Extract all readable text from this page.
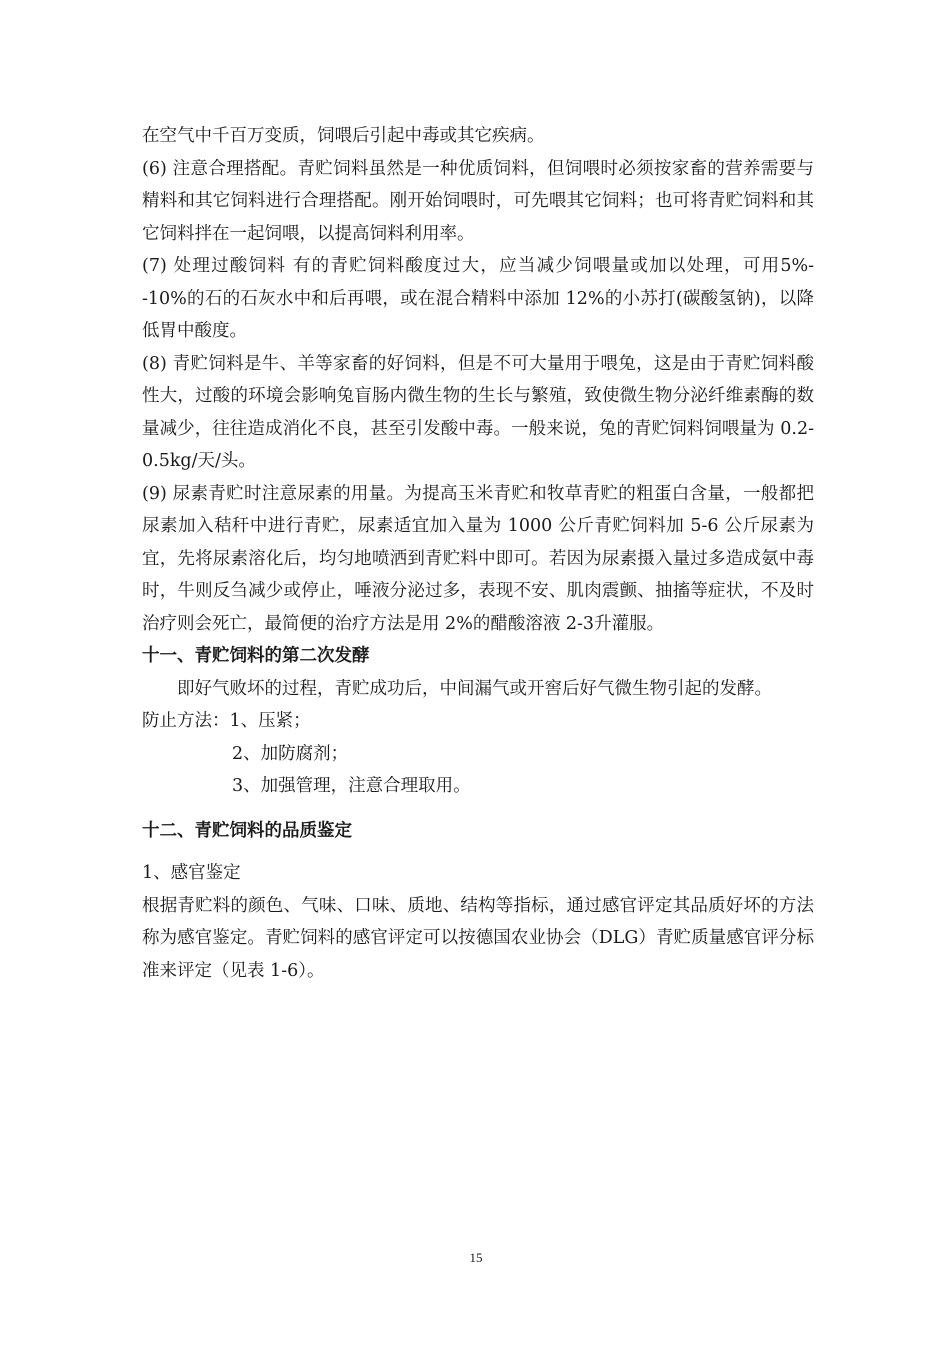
在空气中千百万变质，饲喂后引起中毒或其它疾病。

(6) 注意合理搭配。青贮饲料虽然是一种优质饲料，但饲喂时必须按家畜的营养需要与精料和其它饲料进行合理搭配。刚开始饲喂时，可先喂其它饲料；也可将青贮饲料和其它饲料拌在一起饲喂，以提高饲料利用率。

(7) 处理过酸饲料 有的青贮饲料酸度过大，应当减少饲喂量或加以处理，可用5%--10%的石的石灰水中和后再喂，或在混合精料中添加 12%的小苏打(碳酸氢钠)，以降低胃中酸度。

(8) 青贮饲料是牛、羊等家畜的好饲料，但是不可大量用于喂兔，这是由于青贮饲料酸性大，过酸的环境会影响兔盲肠内微生物的生长与繁殖，致使微生物分泌纤维素酶的数量减少，往往造成消化不良，甚至引发酸中毒。一般来说，兔的青贮饲料饲喂量为 0.2-0.5kg/天/头。

(9) 尿素青贮时注意尿素的用量。为提高玉米青贮和牧草青贮的粗蛋白含量，一般都把尿素加入秸秆中进行青贮，尿素适宜加入量为 1000 公斤青贮饲料加 5-6 公斤尿素为宜，先将尿素溶化后，均匀地喷洒到青贮料中即可。若因为尿素摄入量过多造成氨中毒时，牛则反刍减少或停止，唾液分泌过多，表现不安、肌肉震颤、抽搐等症状，不及时治疗则会死亡，最简便的治疗方法是用 2%的醋酸溶液 2-3升灌服。

十一、青贮饲料的第二次发酵

即好气败坏的过程，青贮成功后，中间漏气或开窖后好气微生物引起的发酵。

防止方法：1、压紧；

2、加防腐剂；

3、加强管理，注意合理取用。

十二、青贮饲料的品质鉴定

1、感官鉴定

根据青贮料的颜色、气味、口味、质地、结构等指标，通过感官评定其品质好坏的方法称为感官鉴定。青贮饲料的感官评定可以按德国农业协会（DLG）青贮质量感官评分标准来评定（见表 1-6）。

15
